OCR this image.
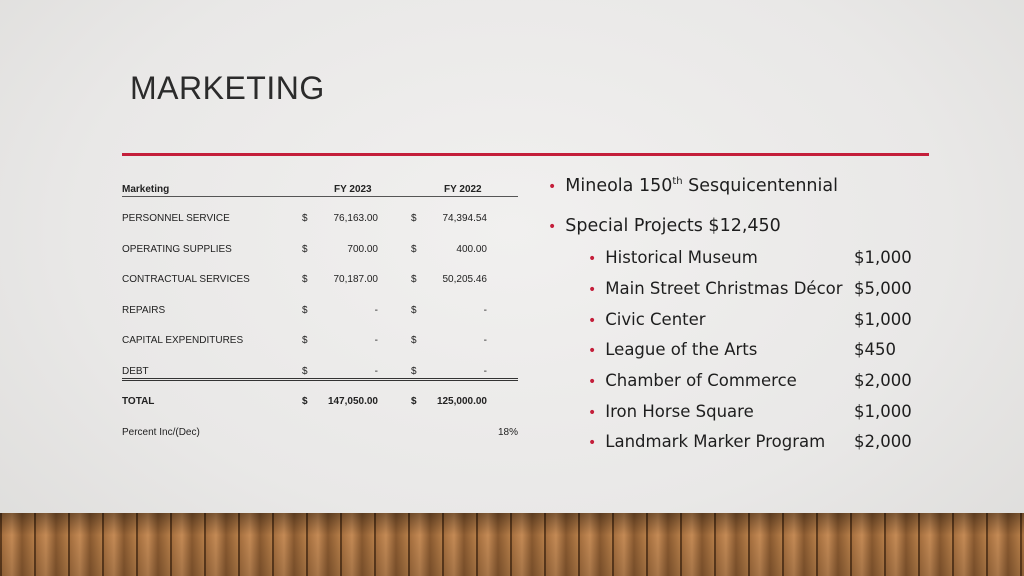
MARKETING
Marketing	FY 2023	FY 2022
PERSONNEL SERVICE	$	76,163.00	$	74,394.54
OPERATING SUPPLIES	$	700.00	$	400.00
CONTRACTUAL SERVICES	$	70,187.00	$	50,205.46
REPAIRS	$	-	$	-
CAPITAL EXPENDITURES	$	-	$	-
DEBT	$	-	$	-
TOTAL	$ 147,050.00	$ 125,000.00
Percent Inc/(Dec)	18%
• Mineola 150th Sesquicentennial
• Special Projects $12,450
• Historical Museum	$1,000
• Main Street Christmas Décor $5,000
• Civic Center	$1,000
• League of the Arts	$450
• Chamber of Commerce	$2,000
• Iron Horse Square	$1,000
• Landmark Marker Program $2,000
